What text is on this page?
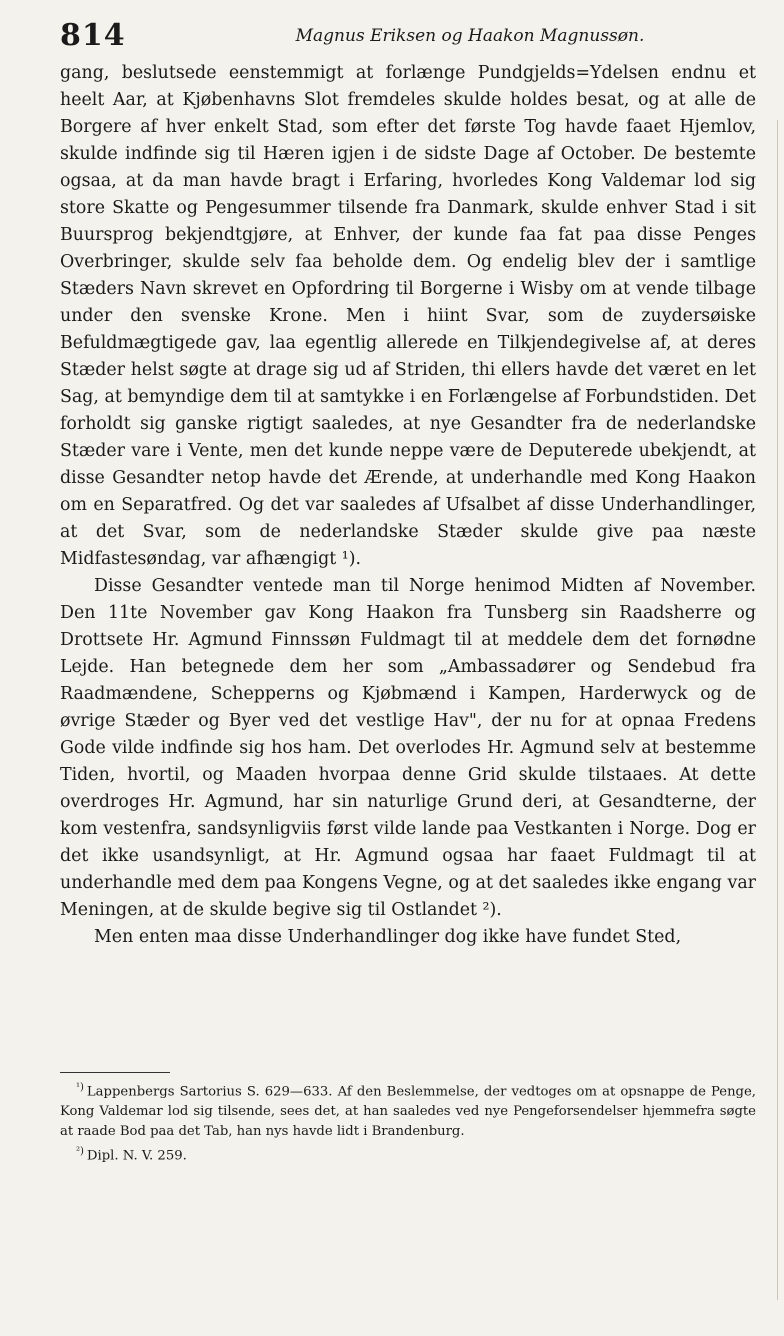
814	Magnus Eriksen og Haakon Magnussøn.

gang, beslutsede eenstemmigt at forlænge Pundgjelds=Ydelsen endnu et heelt Aar, at Kjøbenhavns Slot fremdeles skulde holdes besat, og at alle de Borgere af hver enkelt Stad, som efter det første Tog havde faaet Hjemlov, skulde indfinde sig til Hæren igjen i de sidste Dage af October. De bestemte ogsaa, at da man havde bragt i Erfaring, hvorledes Kong Valdemar lod sig store Skatte og Pengesummer tilsende fra Danmark, skulde enhver Stad i sit Buursprog bekjendtgjøre, at Enhver, der kunde faa fat paa disse Penges Overbringer, skulde selv faa beholde dem. Og endelig blev der i samtlige Stæders Navn skrevet en Opfordring til Borgerne i Wisby om at vende tilbage under den svenske Krone. Men i hiint Svar, som de zuydersøiske Befuldmægtigede gav, laa egentlig allerede en Tilkjendegivelse af, at deres Stæder helst søgte at drage sig ud af Striden, thi ellers havde det været en let Sag, at bemyndige dem til at samtykke i en Forlængelse af Forbundstiden. Det forholdt sig ganske rigtigt saaledes, at nye Gesandter fra de nederlandske Stæder vare i Vente, men det kunde neppe være de Deputerede ubekjendt, at disse Gesandter netop havde det Ærende, at underhandle med Kong Haakon om en Separatfred. Og det var saaledes af Ufsalbet af disse Underhandlinger, at det Svar, som de nederlandske Stæder skulde give paa næste Midfastesøndag, var afhængigt ¹).

Disse Gesandter ventede man til Norge henimod Midten af November. Den 11te November gav Kong Haakon fra Tunsberg sin Raadsherre og Drottsete Hr. Agmund Finnssøn Fuldmagt til at meddele dem det fornødne Lejde. Han betegnede dem her som „Ambassadører og Sendebud fra Raadmændene, Schepperns og Kjøbmænd i Kampen, Harderwyck og de øvrige Stæder og Byer ved det vestlige Hav", der nu for at opnaa Fredens Gode vilde indfinde sig hos ham. Det overlodes Hr. Agmund selv at bestemme Tiden, hvortil, og Maaden hvorpaa denne Grid skulde tilstaaes. At dette overdroges Hr. Agmund, har sin naturlige Grund deri, at Gesandterne, der kom vestenfra, sandsynligviis først vilde lande paa Vestkanten i Norge. Dog er det ikke usandsynligt, at Hr. Agmund ogsaa har faaet Fuldmagt til at underhandle med dem paa Kongens Vegne, og at det saaledes ikke engang var Meningen, at de skulde begive sig til Ostlandet ²).

Men enten maa disse Underhandlinger dog ikke have fundet Sted,

$^{^1)}$ Lappenbergs Sartorius S. 629—633. Af den Beslemmelse, der vedtoges om at opsnappe de Penge, Kong Valdemar lod sig tilsende, sees det, at han saaledes ved nye Pengeforsendelser hjemmefra søgte at raade Bod paa det Tab, han nys havde lidt i Brandenburg.

$^{^2)}$ Dipl. N. V. 259.
